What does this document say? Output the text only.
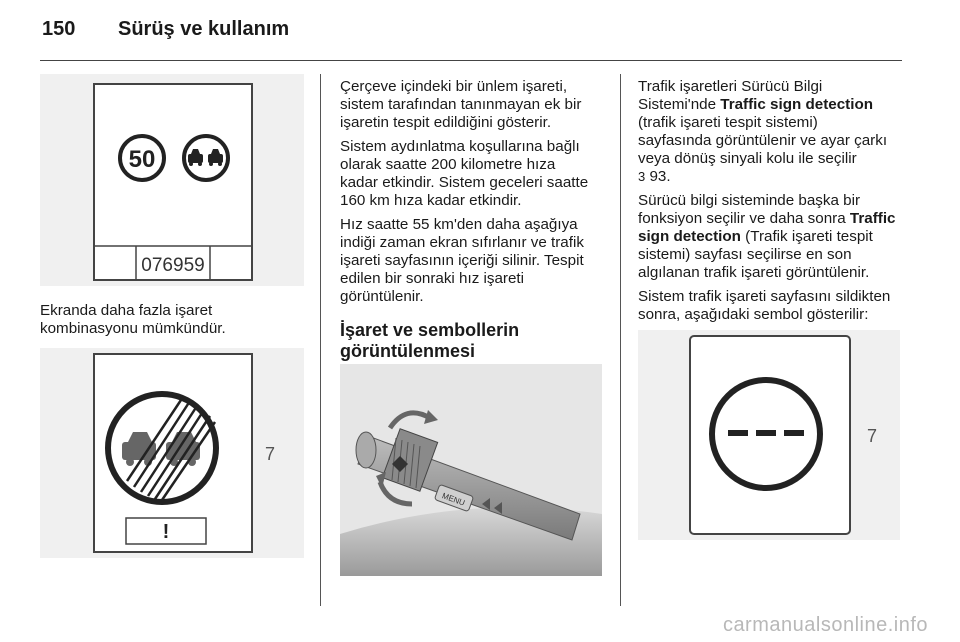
150 Sürüş ve kullanım
50
076959
Ekranda daha fazla işaret
kombinasyonu mümkündür.
!
7

Çerçeve içindeki bir ünlem işareti,
sistem tarafından tanınmayan ek bir
işaretin tespit edildiğini gösterir.

Sistem aydınlatma koşullarına bağlı
olarak saatte 200 kilometre hıza
kadar etkindir. Sistem geceleri saatte
160 km hıza kadar etkindir.

Hız saatte 55 km'den daha aşağıya
indiği zaman ekran sıfırlanır ve trafik
işareti sayfasının içeriği silinir. Tespit
edilen bir sonraki hız işareti
görüntülenir.

İşaret ve sembollerin
görüntülenmesi
MENU

Trafik işaretleri Sürücü Bilgi
Sistemi'nde Traffic sign detection
(trafik işareti tespit sistemi)
sayfasında görüntülenir ve ayar çarkı
veya dönüş sinyali kolu ile seçilir
3 93.

Sürücü bilgi sisteminde başka bir
fonksiyon seçilir ve daha sonra Traffic
sign detection (Trafik işareti tespit
sistemi) sayfası seçilirse en son
algılanan trafik işareti görüntülenir.

Sistem trafik işareti sayfasını sildikten
sonra, aşağıdaki sembol gösterilir:

7
carmanualsonline.info
